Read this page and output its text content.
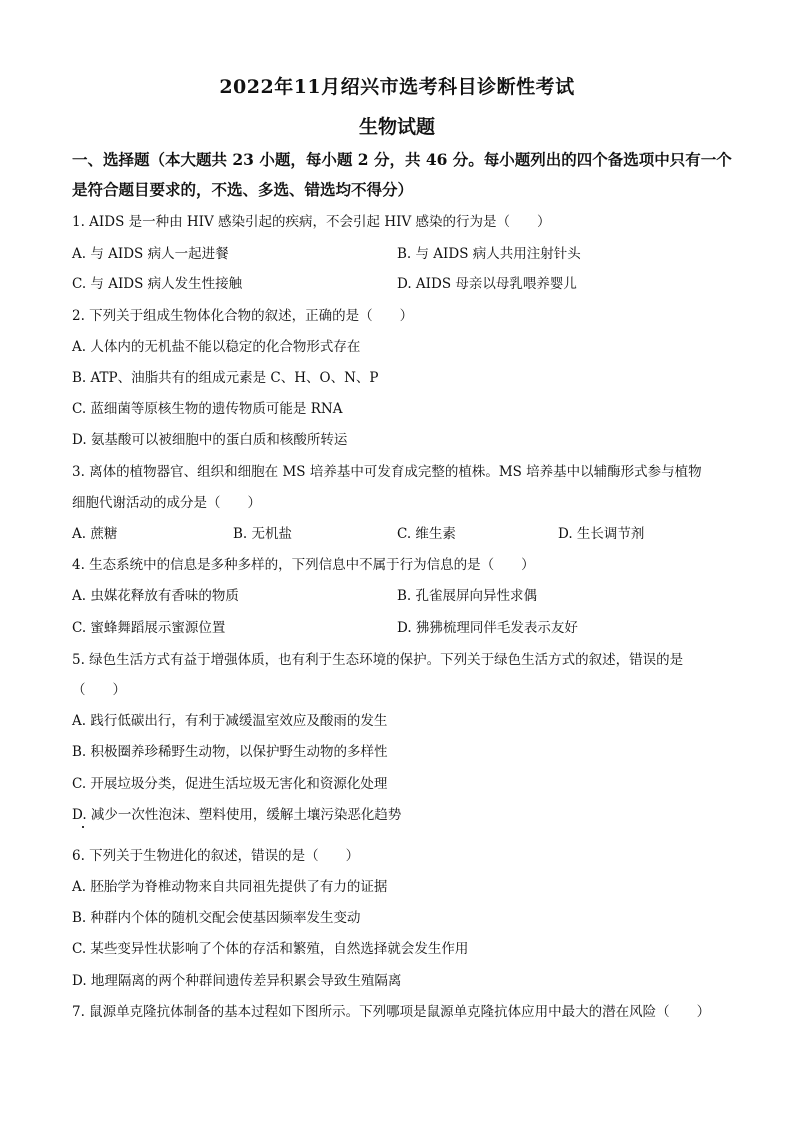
2022年11月绍兴市选考科目诊断性考试
生物试题
一、选择题（本大题共 23 小题，每小题 2 分，共 46 分。每小题列出的四个备选项中只有一个是符合题目要求的，不选、多选、错选均不得分）
1. AIDS 是一种由 HIV 感染引起的疾病，不会引起 HIV 感染的行为是（　　）
A. 与 AIDS 病人一起进餐	B. 与 AIDS 病人共用注射针头
C. 与 AIDS 病人发生性接触	D. AIDS 母亲以母乳喂养婴儿
2. 下列关于组成生物体化合物的叙述，正确的是（　　）
A. 人体内的无机盐不能以稳定的化合物形式存在
B. ATP、油脂共有的组成元素是 C、H、O、N、P
C. 蓝细菌等原核生物的遗传物质可能是 RNA
D. 氨基酸可以被细胞中的蛋白质和核酸所转运
3. 离体的植物器官、组织和细胞在 MS 培养基中可发育成完整的植株。MS 培养基中以辅酶形式参与植物
细胞代谢活动的成分是（　　）
A. 蔗糖	B. 无机盐	C. 维生素	D. 生长调节剂
4. 生态系统中的信息是多种多样的，下列信息中不属于行为信息的是（　　）
A. 虫媒花释放有香味的物质	B. 孔雀展屏向异性求偶
C. 蜜蜂舞蹈展示蜜源位置	D. 狒狒梳理同伴毛发表示友好
5. 绿色生活方式有益于增强体质，也有利于生态环境的保护。下列关于绿色生活方式的叙述，错误的是
（　　）
A. 践行低碳出行，有利于减缓温室效应及酸雨的发生
B. 积极圈养珍稀野生动物，以保护野生动物的多样性
C. 开展垃圾分类，促进生活垃圾无害化和资源化处理
D. 减少一次性泡沫、塑料使用，缓解土壤污染恶化趋势
6. 下列关于生物进化的叙述，错误的是（　　）
A. 胚胎学为脊椎动物来自共同祖先提供了有力的证据
B. 种群内个体的随机交配会使基因频率发生变动
C. 某些变异性状影响了个体的存活和繁殖，自然选择就会发生作用
D. 地理隔离的两个种群间遗传差异积累会导致生殖隔离
7. 鼠源单克隆抗体制备的基本过程如下图所示。下列哪项是鼠源单克隆抗体应用中最大的潜在风险（　　）
